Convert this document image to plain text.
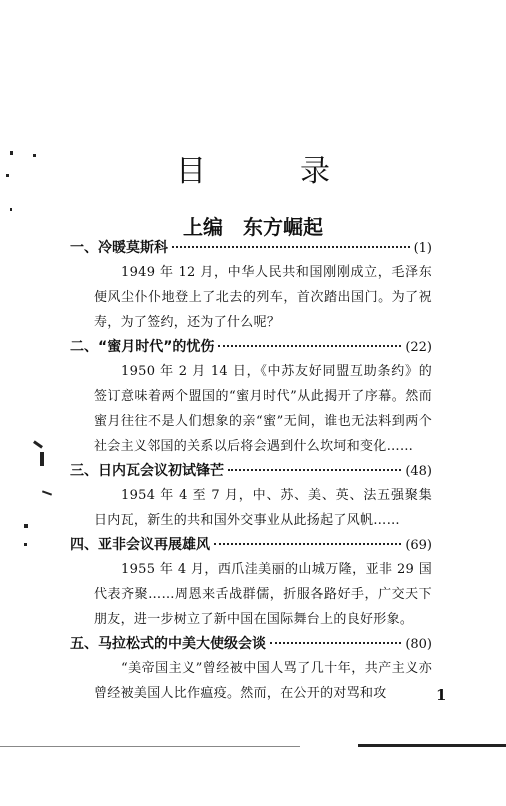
目　录
上编　东方崛起
一、 冷暖莫斯科	(1)

1949 年 12 月，中华人民共和国刚刚成立，毛泽东便风尘仆仆地登上了北去的列车，首次踏出国门。为了祝寿，为了签约，还为了什么呢？

二、 “蜜月时代”的忧伤	(22)

1950 年 2 月 14 日，《中苏友好同盟互助条约》的签订意味着两个盟国的“蜜月时代”从此揭开了序幕。然而蜜月往往不是人们想象的亲“蜜”无间，谁也无法料到两个社会主义邻国的关系以后将会遇到什么坎坷和变化……

三、 日内瓦会议初试锋芒	(48)

1954 年 4 至 7 月，中、苏、美、英、法五强聚集日内瓦，新生的共和国外交事业从此扬起了风帆……

四、 亚非会议再展雄风	(69)

1955 年 4 月，西爪洼美丽的山城万隆，亚非 29 国代表齐聚……周恩来舌战群儒，折服各路好手，广交天下朋友，进一步树立了新中国在国际舞台上的良好形象。

五、 马拉松式的中美大使级会谈	(80)

“美帝国主义”曾经被中国人骂了几十年，共产主义亦曾经被美国人比作瘟疫。然而，在公开的对骂和攻	1
